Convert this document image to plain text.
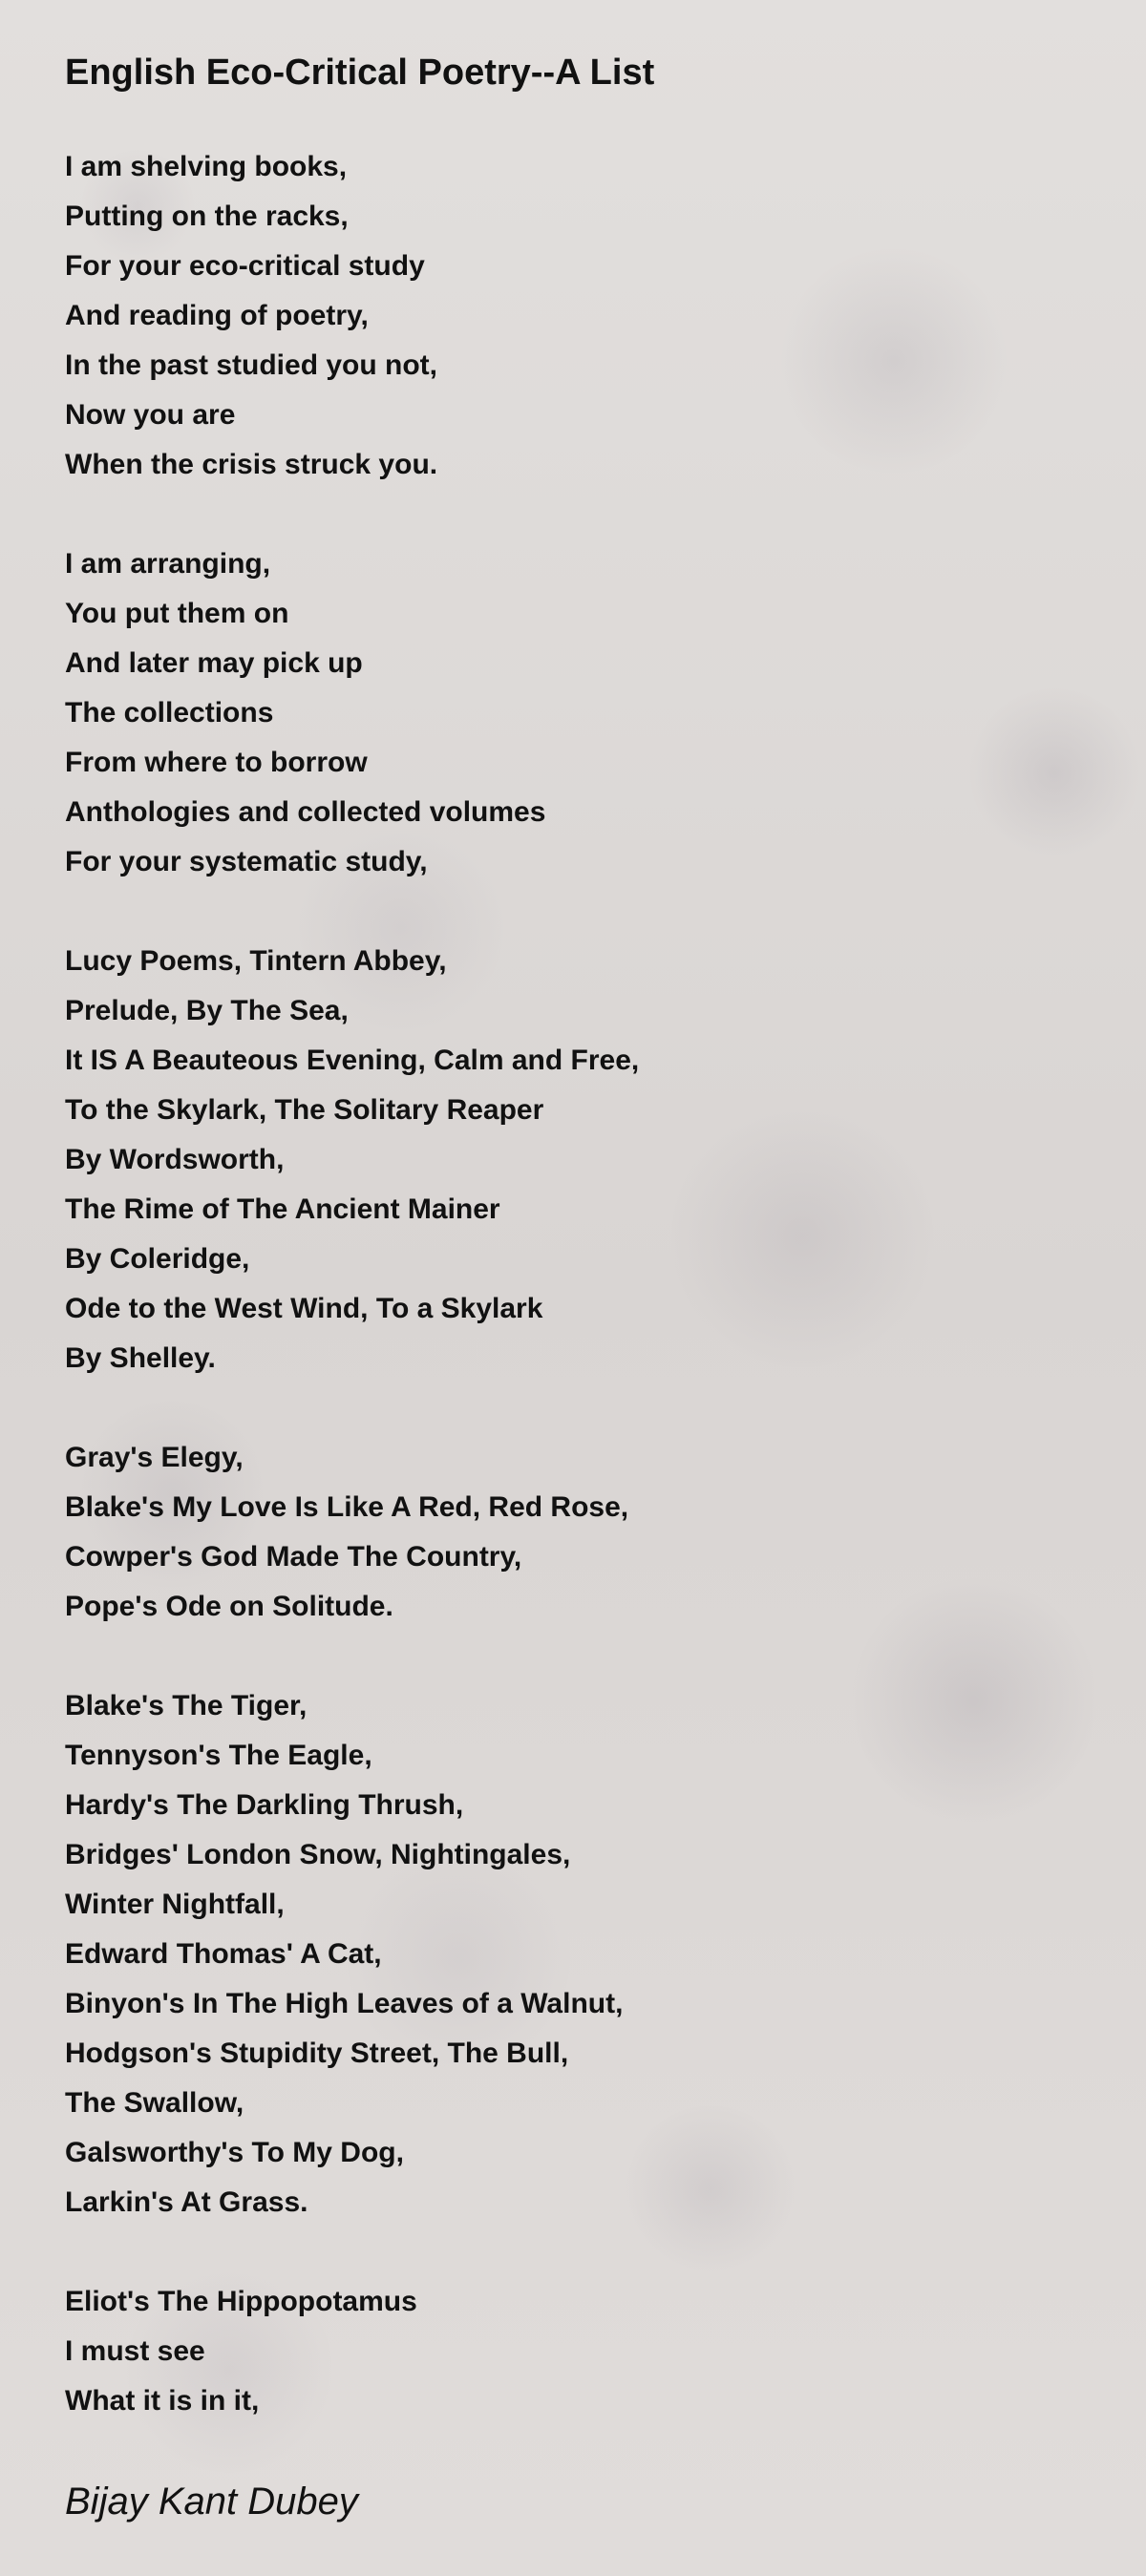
English Eco-Critical Poetry--A List
I am shelving books,
Putting on the racks,
For your eco-critical study
And reading of poetry,
In the past studied you not,
Now you are
When the crisis struck you.
I am arranging,
You put them on
And later may pick up
The collections
From where to borrow
Anthologies and collected volumes
For your systematic study,
Lucy Poems, Tintern Abbey,
Prelude, By The Sea,
It IS A Beauteous Evening, Calm and Free,
To the Skylark, The Solitary Reaper
By Wordsworth,
The Rime of The Ancient Mainer
By Coleridge,
Ode to the West Wind, To a Skylark
By Shelley.
Gray's Elegy,
Blake's My Love Is Like A Red, Red Rose,
Cowper's God Made The Country,
Pope's Ode on Solitude.
Blake's The Tiger,
Tennyson's The Eagle,
Hardy's The Darkling Thrush,
Bridges' London Snow, Nightingales,
Winter Nightfall,
Edward Thomas' A Cat,
Binyon's In The High Leaves of a Walnut,
Hodgson's Stupidity Street, The Bull,
The Swallow,
Galsworthy's To My Dog,
Larkin's At Grass.
Eliot's The Hippopotamus
I must see
What it is in it,
Bijay Kant Dubey
